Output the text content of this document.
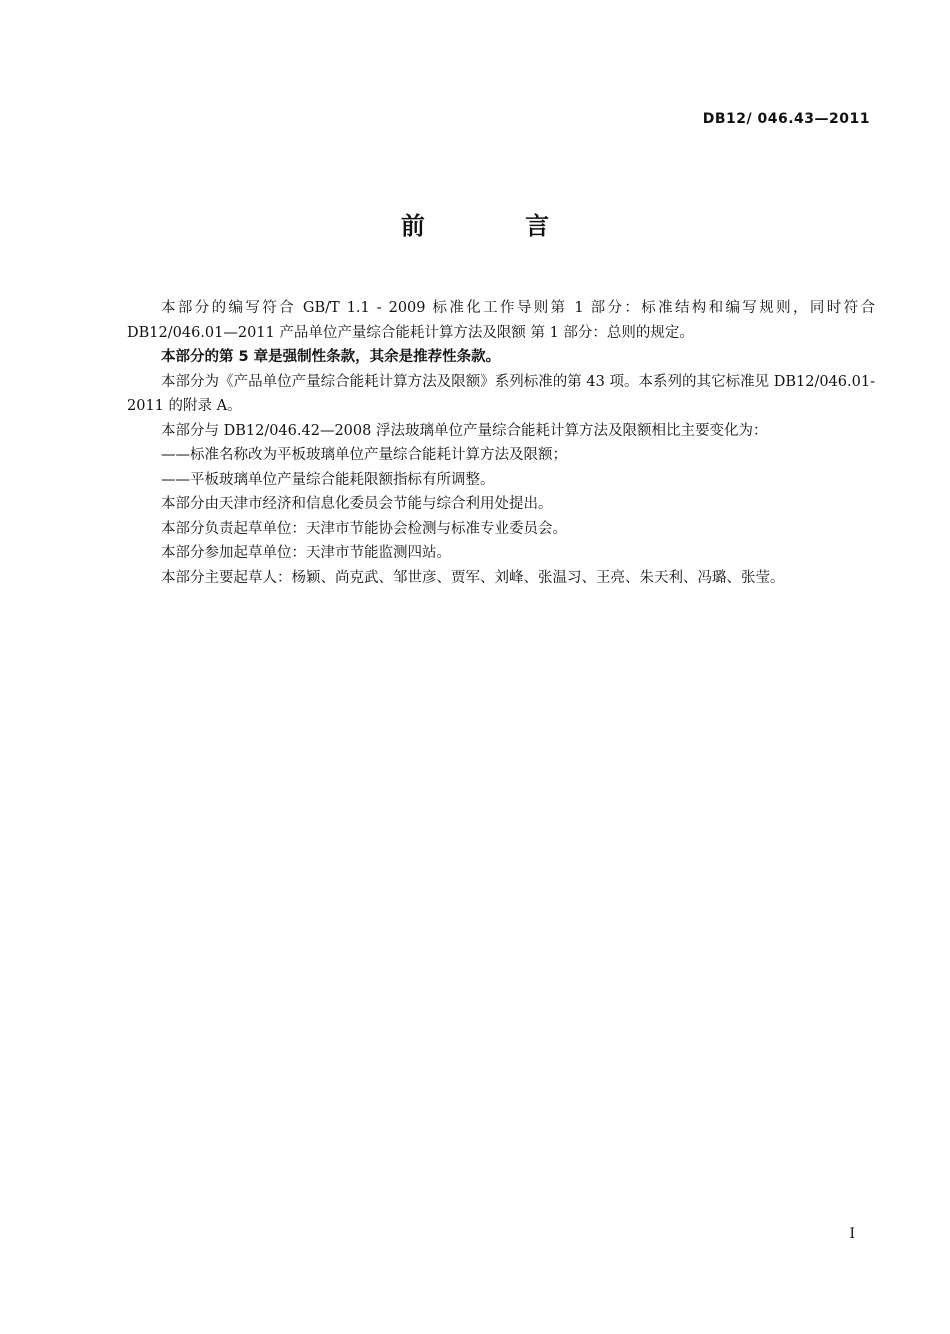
DB12/ 046.43—2011
前 言

本部分的编写符合 GB/T 1.1 - 2009 标准化工作导则第 1 部分：标准结构和编写规则，同时符合 DB12/046.01—2011 产品单位产量综合能耗计算方法及限额 第 1 部分：总则的规定。

本部分的第 5 章是强制性条款，其余是推荐性条款。

本部分为《产品单位产量综合能耗计算方法及限额》系列标准的第 43 项。本系列的其它标准见 DB12/046.01-2011 的附录 A。

本部分与 DB12/046.42—2008 浮法玻璃单位产量综合能耗计算方法及限额相比主要变化为：

——标准名称改为平板玻璃单位产量综合能耗计算方法及限额；

——平板玻璃单位产量综合能耗限额指标有所调整。

本部分由天津市经济和信息化委员会节能与综合利用处提出。

本部分负责起草单位：天津市节能协会检测与标准专业委员会。

本部分参加起草单位：天津市节能监测四站。

本部分主要起草人：杨颖、尚克武、邹世彦、贾军、刘峰、张温习、王亮、朱天利、冯璐、张莹。

I
